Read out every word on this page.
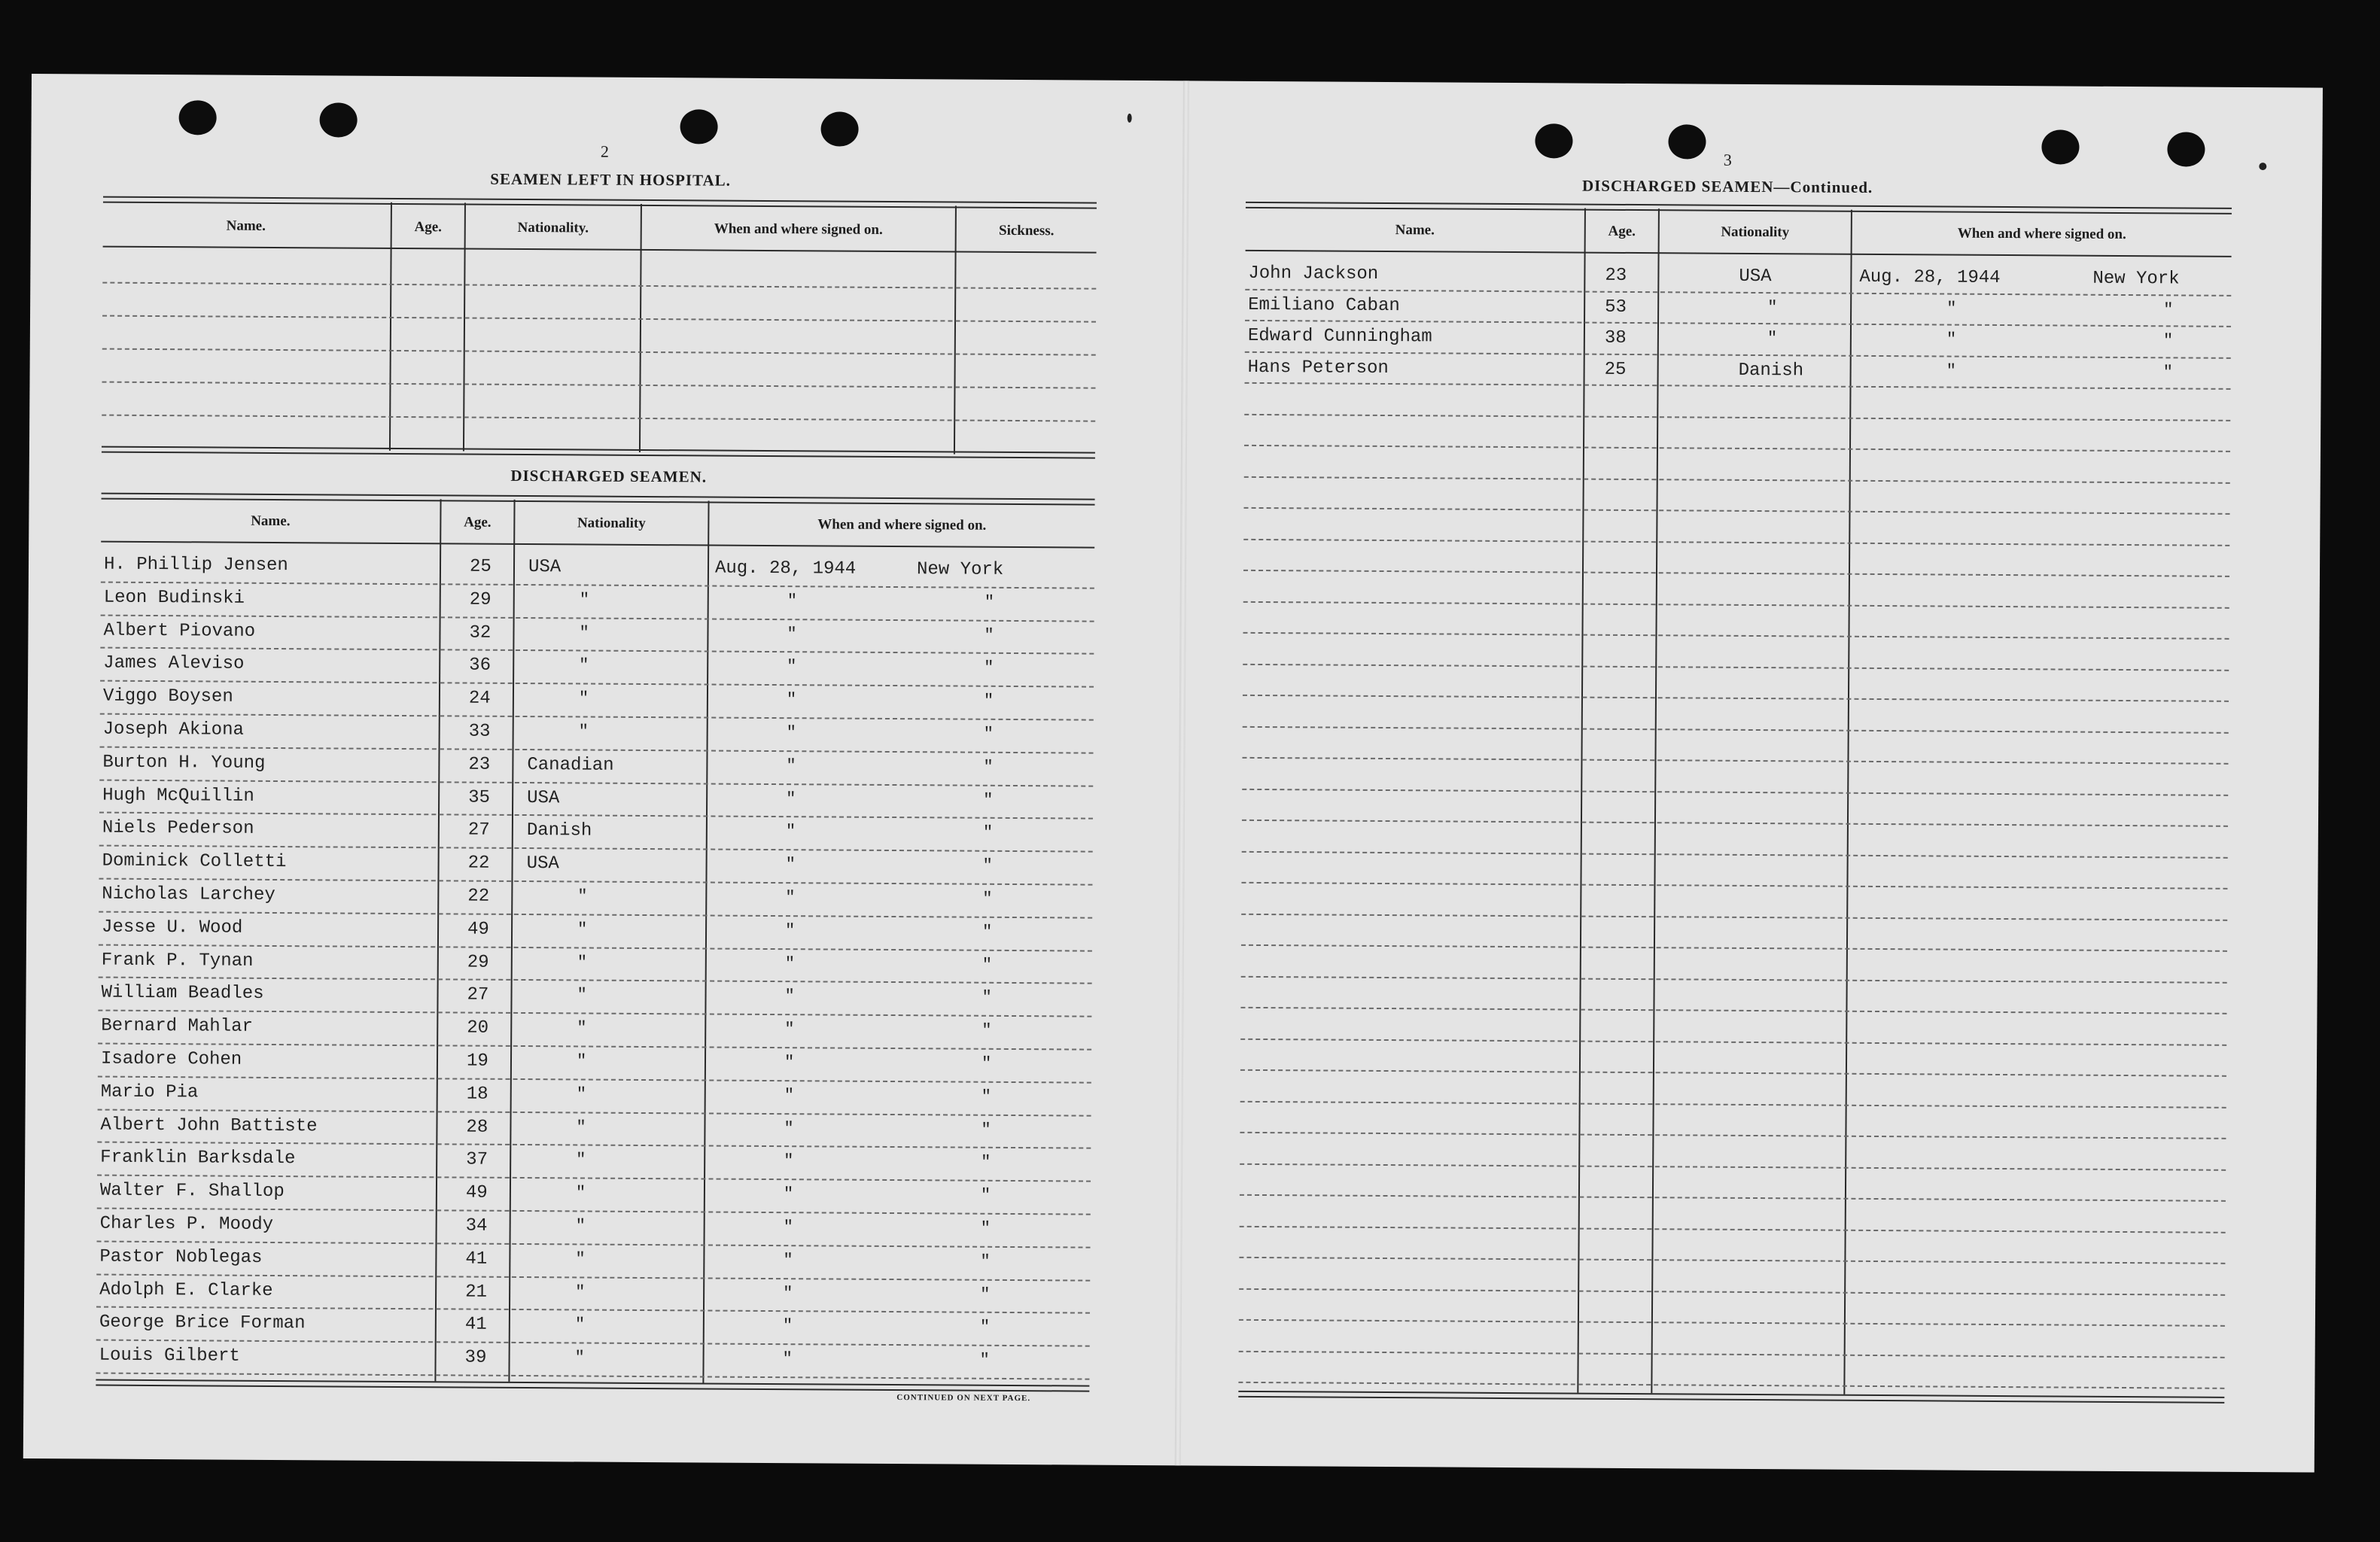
2
SEAMEN LEFT IN HOSPITAL.
Name.	Age.	Nationality.	When and where signed on.	Sickness.
DISCHARGED SEAMEN.
Name.	Age.	Nationality	When and where signed on.
H. Phillip Jensen	25 USA	Aug. 28, 1944	New York
Leon Budinski	29	"	"	"
Albert Piovano	32	"	"	"
James Aleviso	36	"	"	"
Viggo Boysen	24	"	"	"
Joseph Akiona	33	"	"	"
Burton H. Young	23 Canadian	"	"
Hugh McQuillin	35 USA	"	"
Niels Pederson	27 Danish	"	"
Dominick Colletti	22 USA	"	"
Nicholas Larchey	22	"	"	"
Jesse U. Wood	49	"	"	"
Frank P. Tynan	29	"	"	"
William Beadles	27	"	"	"
Bernard Mahlar	20	"	"	"
Isadore Cohen	19	"	"	"
Mario Pia	18	"	"	"
Albert John Battiste	28	"	"	"
Franklin Barksdale	37	"	"	"
Walter F. Shallop	49	"	"	"
Charles P. Moody	34	"	"	"
Pastor Noblegas	41	"	"	"
Adolph E. Clarke	21	"	"	"
George Brice Forman	41	"	"	"
Louis Gilbert	39	"	"	"
CONTINUED ON NEXT PAGE.
3
DISCHARGED SEAMEN—Continued.
Name.	Age.	Nationality	When and where signed on.
John Jackson	23	USA	Aug. 28, 1944	New York
Emiliano Caban	53	"	"	"
Edward Cunningham	38	"	"	"
Hans Peterson	25	Danish	"	"
